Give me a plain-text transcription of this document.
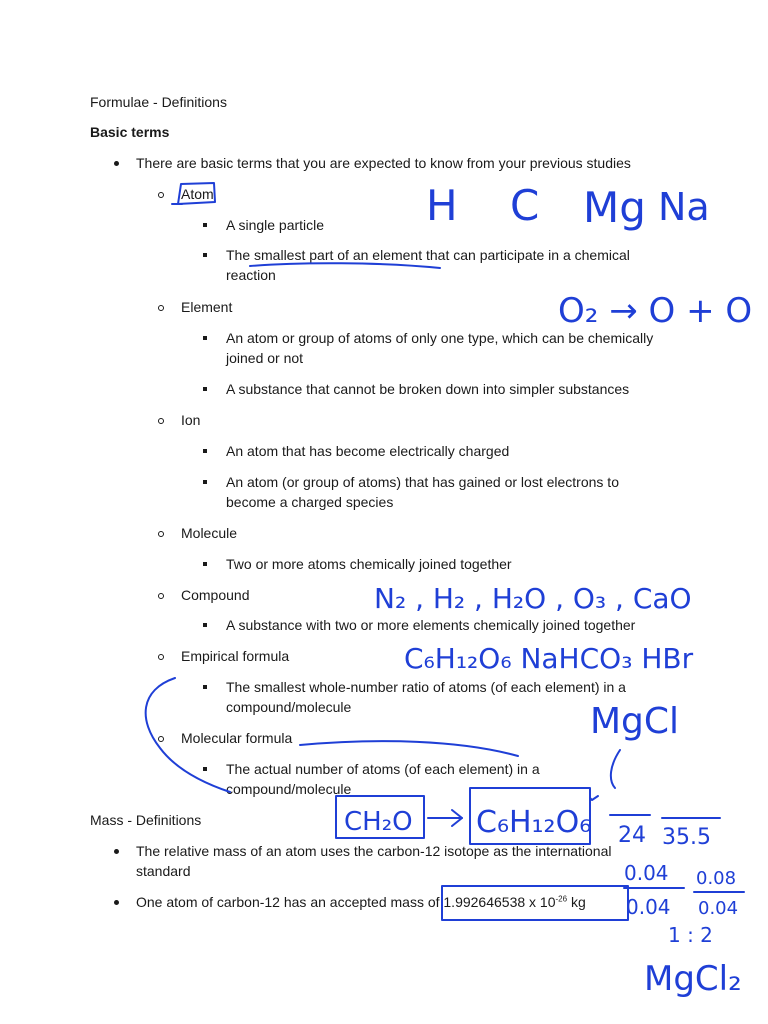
Formulae - Definitions
Basic terms
There are basic terms that you are expected to know from your previous studies
Atom
A single particle
The smallest part of an element that can participate in a chemical reaction
Element
An atom or group of atoms of only one type, which can be chemically joined or not
A substance that cannot be broken down into simpler substances
Ion
An atom that has become electrically charged
An atom (or group of atoms) that has gained or lost electrons to become a charged species
Molecule
Two or more atoms chemically joined together
Compound
A substance with two or more elements chemically joined together
Empirical formula
The smallest whole-number ratio of atoms (of each element) in a compound/molecule
Molecular formula
The actual number of atoms (of each element) in a compound/molecule
Mass - Definitions
The relative mass of an atom uses the carbon-12 isotope as the international standard
One atom of carbon-12 has an accepted mass of 1.992646538 x $10^{-26}$ kg
H C Mg Na
O₂ → O + O
N₂ , H₂ , H₂O , O₃ , CaO
C₆H₁₂O₆ NaHCO₃ HBr
MgCl
CH₂O C₆H₁₂O₆ 24 35.5
0.04 0.08
0.04 0.04
1 : 2
MgCl₂
